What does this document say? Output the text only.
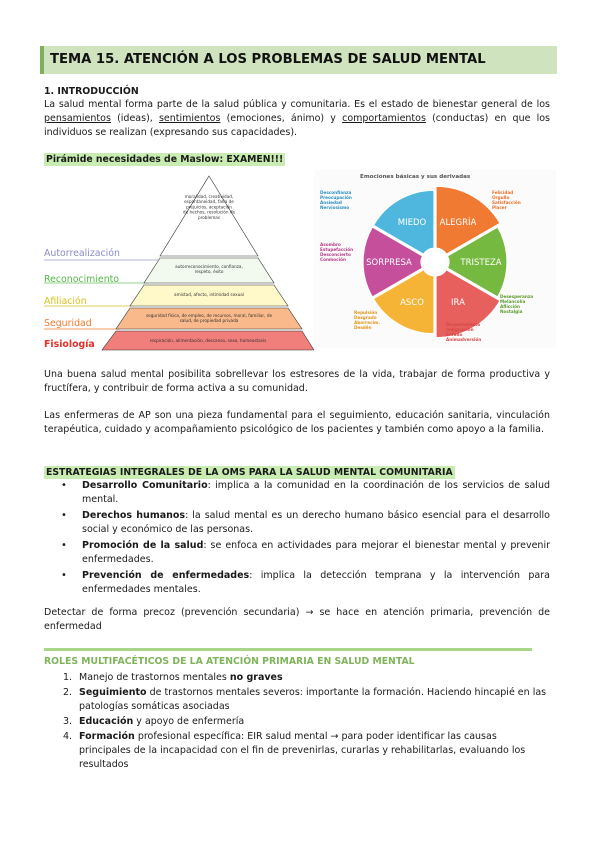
TEMA 15. ATENCIÓN A LOS PROBLEMAS DE SALUD MENTAL
1. INTRODUCCIÓN
La salud mental forma parte de la salud pública y comunitaria. Es el estado de bienestar general de los pensamientos (ideas), sentimientos (emociones, ánimo) y comportamientos (conductas) en que los individuos se realizan (expresando sus capacidades).
Pirámide necesidades de Maslow: EXAMEN!!!
moralidad, creatividad,
espontaneidad, falta de
prejuicios, aceptación
de hechos, resolución de
problemas
autorreconocimiento, confianza,
respeto, éxito
amistad, afecto, intimidad sexual
seguridad física, de empleo, de recursos, moral, familiar, de
salud, de propiedad privada
respiración, alimentación, descanso, sexo, homeostasis
Autorrealización
Reconocimiento
Afiliación
Seguridad
Fisiología
Emociones básicas y sus derivadas
MIEDO ALEGRÍA
TRISTEZA
IRA
ASCO
SORPRESA
Desconfianza
Preocupación
Ansiedad
Nerviosismo
Felicidad
Orgullo
Satisfacción
Placer
Asombro
Estupefacción
Desconcierto
Conmoción
Desesperanza
Melancolía
Aflicción
Nostalgia
Repulsión
Desgrado
Aborrecim.
Desdén
Resentimiento
Indignación
Enfado
Animadversión
Una buena salud mental posibilita sobrellevar los estresores de la vida, trabajar de forma productiva y fructífera, y contribuir de forma activa a su comunidad.
Las enfermeras de AP son una pieza fundamental para el seguimiento, educación sanitaria, vinculación terapéutica, cuidado y acompañamiento psicológico de los pacientes y también como apoyo a la familia.
ESTRATEGIAS INTEGRALES DE LA OMS PARA LA SALUD MENTAL COMUNITARIA
• Desarrollo Comunitario: implica a la comunidad en la coordinación de los servicios de salud mental.
• Derechos humanos: la salud mental es un derecho humano básico esencial para el desarrollo social y económico de las personas.
• Promoción de la salud: se enfoca en actividades para mejorar el bienestar mental y prevenir enfermedades.
• Prevención de enfermedades: implica la detección temprana y la intervención para enfermedades mentales.
Detectar de forma precoz (prevención secundaria) → se hace en atención primaria, prevención de enfermedad
ROLES MULTIFACÉTICOS DE LA ATENCIÓN PRIMARIA EN SALUD MENTAL
1. Manejo de trastornos mentales no graves
2. Seguimiento de trastornos mentales severos: importante la formación. Haciendo hincapié en las patologías somáticas asociadas
3. Educación y apoyo de enfermería
4. Formación profesional específica: EIR salud mental → para poder identificar las causas principales de la incapacidad con el fin de prevenirlas, curarlas y rehabilitarlas, evaluando los resultados
